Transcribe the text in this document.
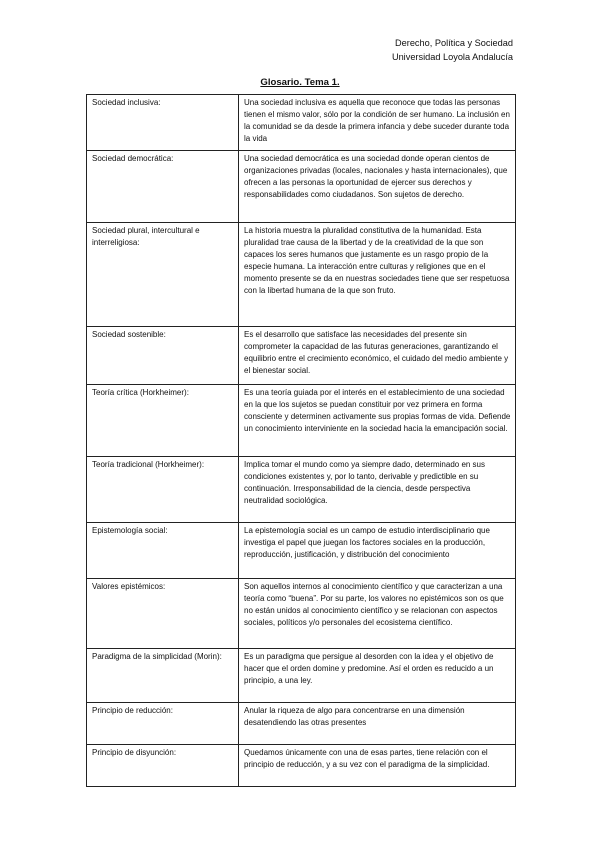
Derecho, Política y Sociedad
Universidad Loyola Andalucía
Glosario. Tema 1.
Sociedad inclusiva:	Una sociedad inclusiva es aquella que reconoce que todas las personas tienen el mismo valor, sólo por la condición de ser humano. La inclusión en la comunidad se da desde la primera infancia y debe suceder durante toda la vida
Sociedad democrática:	Una sociedad democrática es una sociedad donde operan cientos de organizaciones privadas (locales, nacionales y hasta internacionales), que ofrecen a las personas la oportunidad de ejercer sus derechos y responsabilidades como ciudadanos. Son sujetos de derecho.
Sociedad plural, intercultural e interreligiosa:	La historia muestra la pluralidad constitutiva de la humanidad. Esta pluralidad trae causa de la libertad y de la creatividad de la que son capaces los seres humanos que justamente es un rasgo propio de la especie humana. La interacción entre culturas y religiones que en el momento presente se da en nuestras sociedades tiene que ser respetuosa con la libertad humana de la que son fruto.
Sociedad sostenible:	Es el desarrollo que satisface las necesidades del presente sin comprometer la capacidad de las futuras generaciones, garantizando el equilibrio entre el crecimiento económico, el cuidado del medio ambiente y el bienestar social.
Teoría crítica (Horkheimer):	Es una teoría guiada por el interés en el establecimiento de una sociedad en la que los sujetos se puedan constituir por vez primera en forma consciente y determinen activamente sus propias formas de vida. Defiende un conocimiento interviniente en la sociedad hacia la emancipación social.
Teoría tradicional (Horkheimer):	Implica tomar el mundo como ya siempre dado, determinado en sus condiciones existentes y, por lo tanto, derivable y predictible en su continuación. Irresponsabilidad de la ciencia, desde perspectiva neutralidad sociológica.
Epistemología social:	La epistemología social es un campo de estudio interdisciplinario que investiga el papel que juegan los factores sociales en la producción, reproducción, justificación, y distribución del conocimiento
Valores epistémicos:	Son aquellos internos al conocimiento científico y que caracterizan a una teoría como “buena”. Por su parte, los valores no epistémicos son os que no están unidos al conocimiento científico y se relacionan con aspectos sociales, políticos y/o personales del ecosistema científico.
Paradigma de la simplicidad (Morin):	Es un paradigma que persigue al desorden con la idea y el objetivo de hacer que el orden domine y predomine. Así el orden es reducido a un principio, a una ley.
Principio de reducción:	Anular la riqueza de algo para concentrarse en una dimensión desatendiendo las otras presentes
Principio de disyunción:	Quedamos únicamente con una de esas partes, tiene relación con el principio de reducción, y a su vez con el paradigma de la simplicidad.
